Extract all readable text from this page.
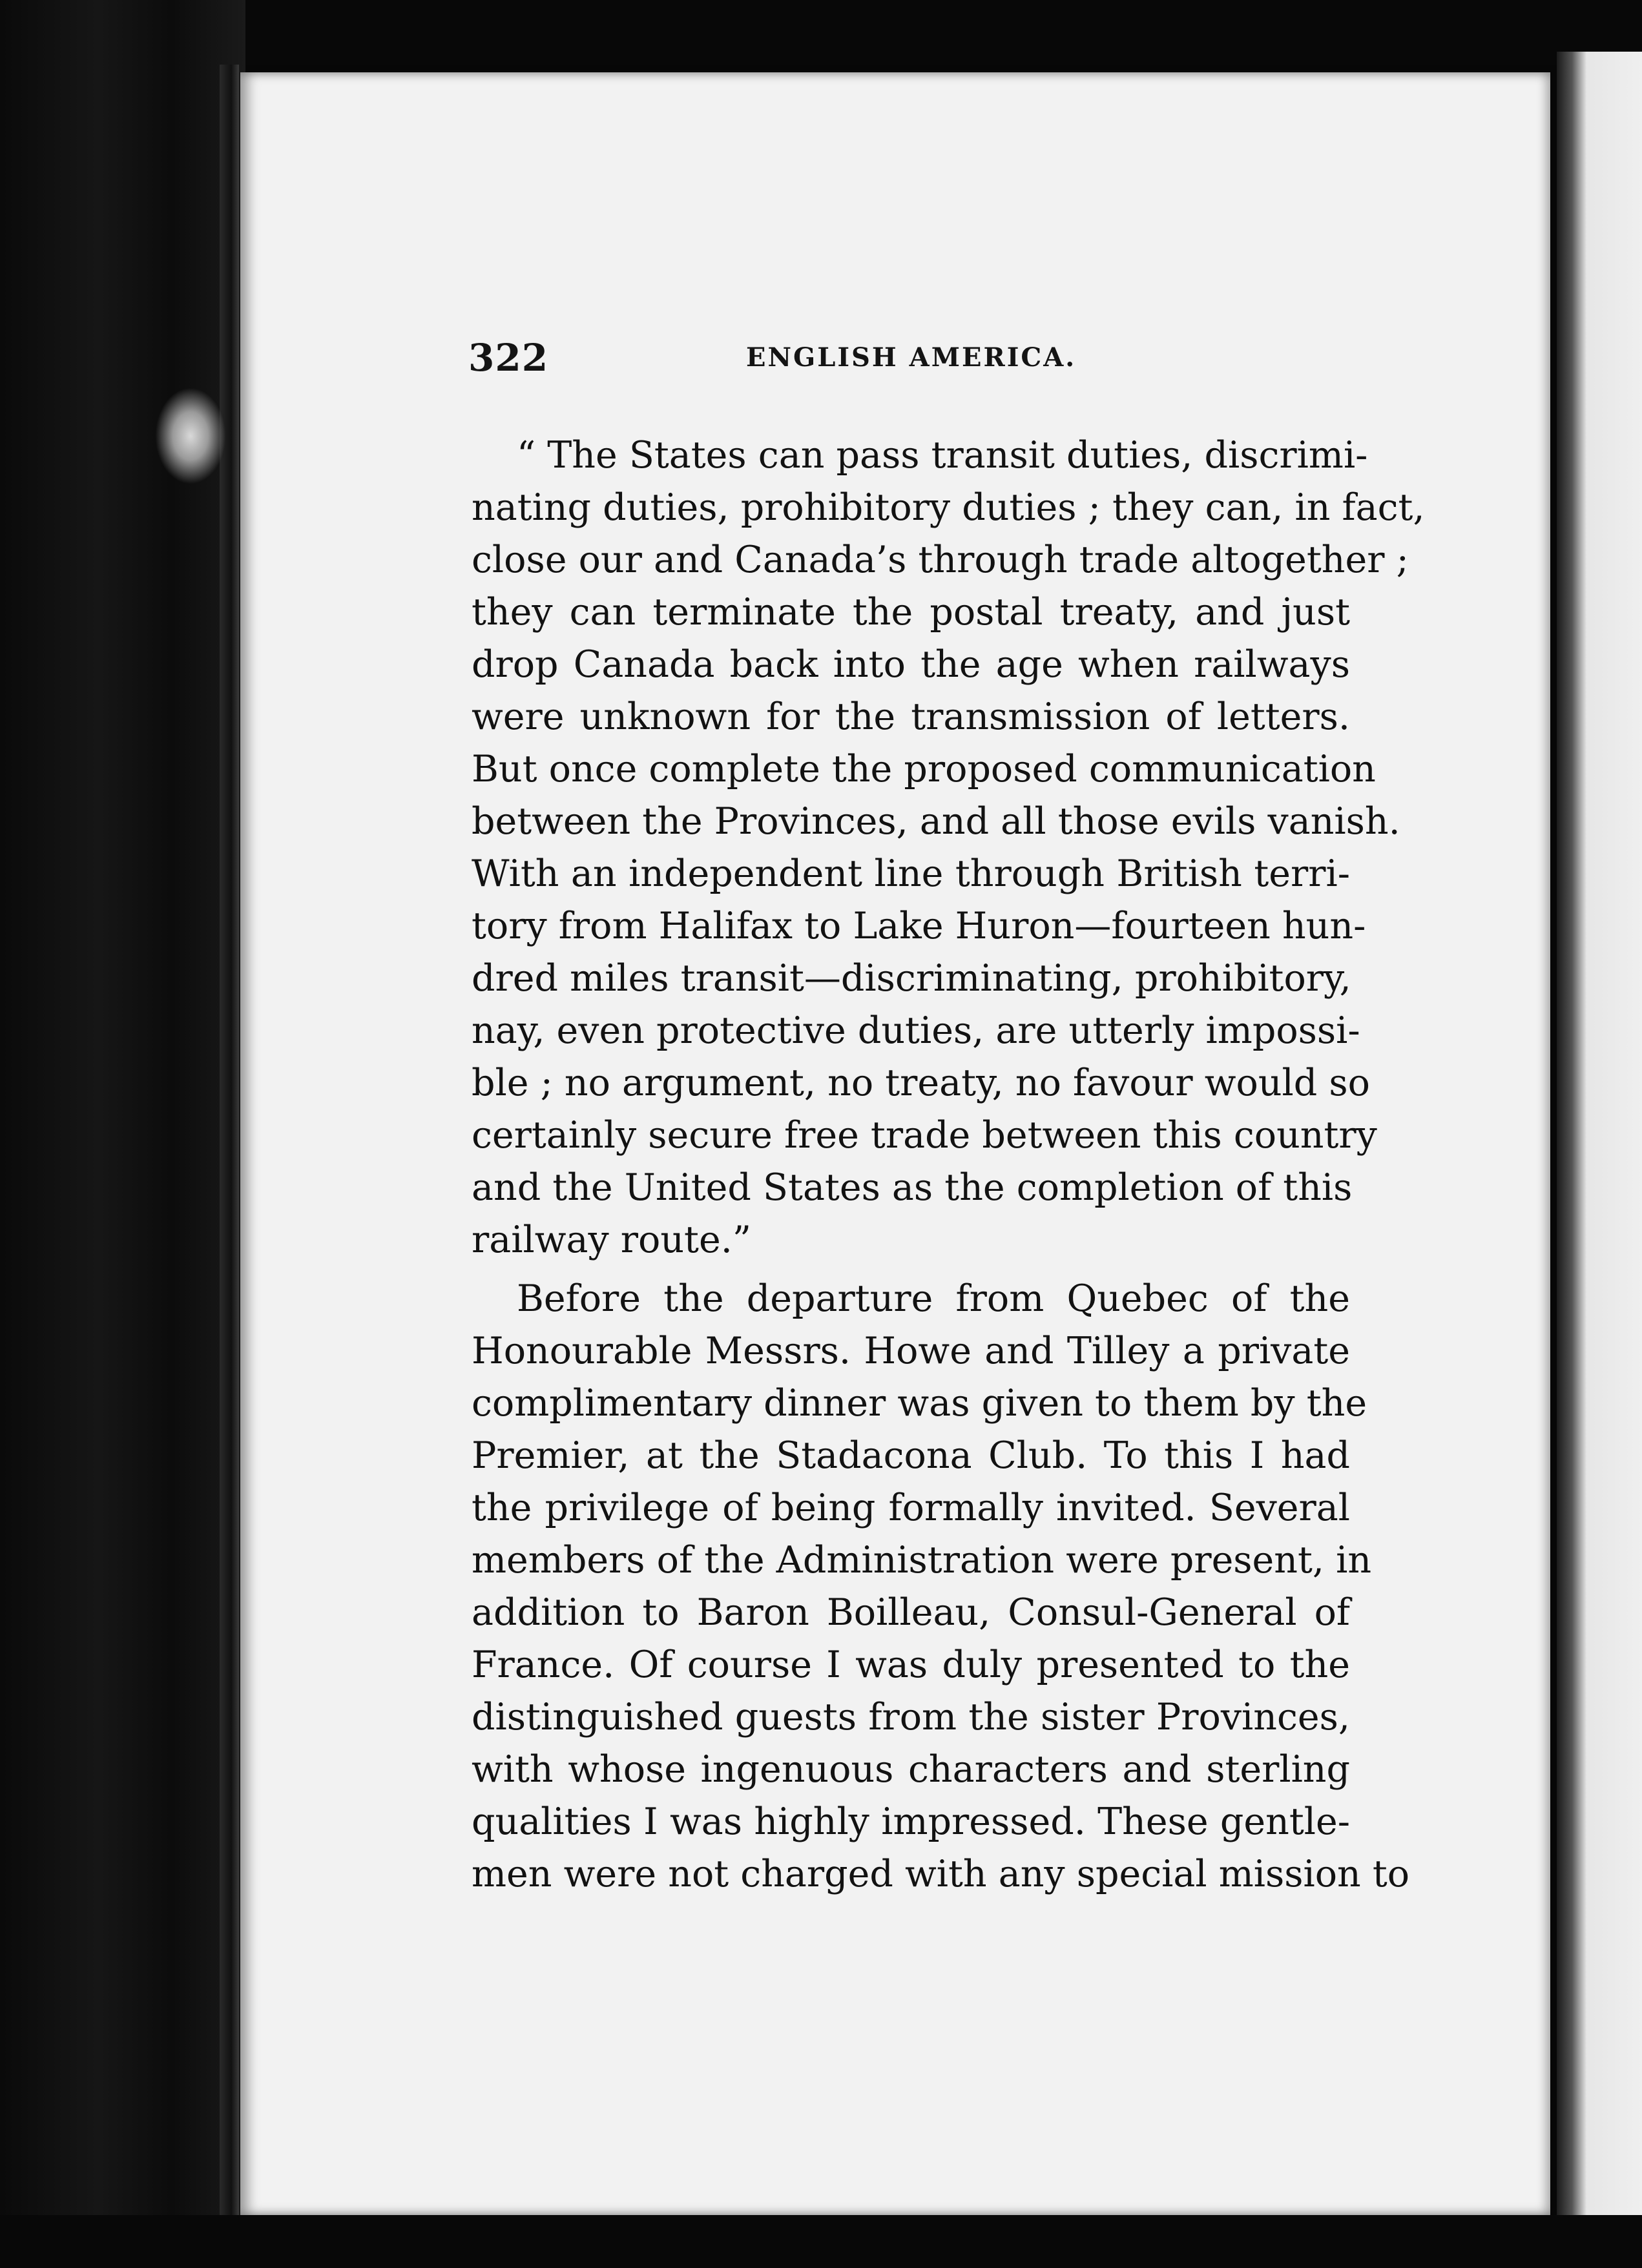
322	ENGLISH AMERICA.
“ The States can pass transit duties, discrimi-
nating duties, prohibitory duties ; they can, in fact,
close our and Canada’s through trade altogether ;
they can terminate the postal treaty, and just
drop Canada back into the age when railways
were unknown for the transmission of letters.
But once complete the proposed communication
between the Provinces, and all those evils vanish.
With an independent line through British terri-
tory from Halifax to Lake Huron—fourteen hun-
dred miles transit—discriminating, prohibitory,
nay, even protective duties, are utterly impossi-
ble ; no argument, no treaty, no favour would so
certainly secure free trade between this country
and the United States as the completion of this
railway route.”
Before the departure from Quebec of the
Honourable Messrs. Howe and Tilley a private
complimentary dinner was given to them by the
Premier, at the Stadacona Club. To this I had
the privilege of being formally invited. Several
members of the Administration were present, in
addition to Baron Boilleau, Consul-General of
France. Of course I was duly presented to the
distinguished guests from the sister Provinces,
with whose ingenuous characters and sterling
qualities I was highly impressed. These gentle-
men were not charged with any special mission to
